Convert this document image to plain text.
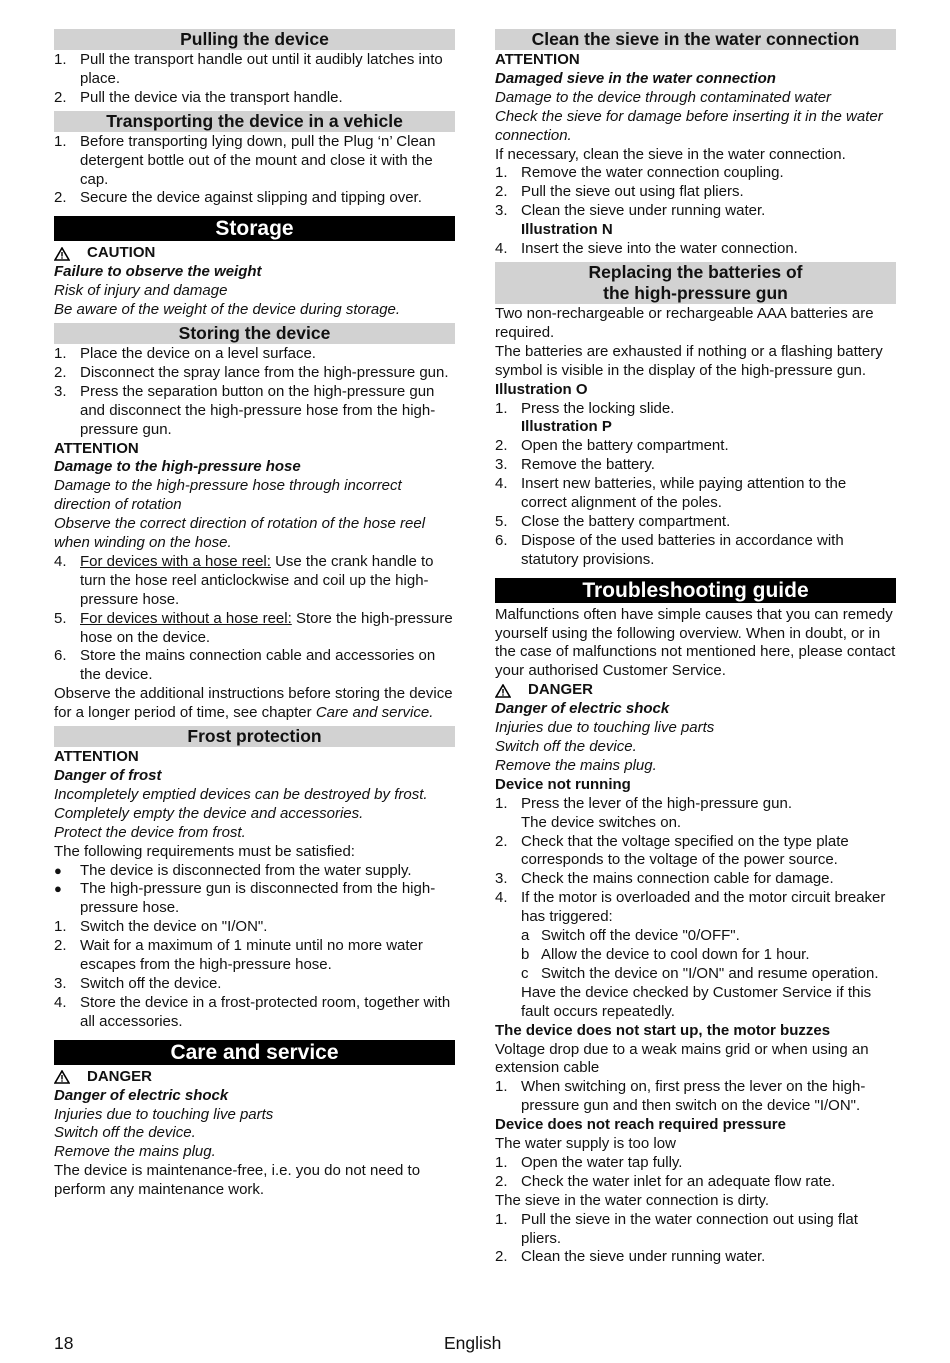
Pulling the device
1. Pull the transport handle out until it audibly latches into place.
2. Pull the device via the transport handle.
Transporting the device in a vehicle
1. Before transporting lying down, pull the Plug ‘n’ Clean detergent bottle out of the mount and close it with the cap.
2. Secure the device against slipping and tipping over.
Storage
CAUTION

Failure to observe the weight

Risk of injury and damage

Be aware of the weight of the device during storage.

Storing the device
1. Place the device on a level surface.
2. Disconnect the spray lance from the high-pressure gun.
3. Press the separation button on the high-pressure gun and disconnect the high-pressure hose from the high-pressure gun.

ATTENTION

Damage to the high-pressure hose

Damage to the high-pressure hose through incorrect direction of rotation

Observe the correct direction of rotation of the hose reel when winding on the hose.

4. For devices with a hose reel: Use the crank handle to turn the hose reel anticlockwise and coil up the high-pressure hose.
5. For devices without a hose reel: Store the high-pressure hose on the device.
6. Store the mains connection cable and accessories on the device.

Observe the additional instructions before storing the device for a longer period of time, see chapter Care and service.

Frost protection

ATTENTION

Danger of frost

Incompletely emptied devices can be destroyed by frost.

Completely empty the device and accessories.

Protect the device from frost.

The following requirements must be satisfied:

●	The device is disconnected from the water supply.
●	The high-pressure gun is disconnected from the high-pressure hose.
1. Switch the device on "I/ON".
2. Wait for a maximum of 1 minute until no more water escapes from the high-pressure hose.
3. Switch off the device.
4. Store the device in a frost-protected room, together with all accessories.
Care and service
DANGER

Danger of electric shock

Injuries due to touching live parts

Switch off the device.

Remove the mains plug.

The device is maintenance-free, i.e. you do not need to perform any maintenance work.

Clean the sieve in the water connection

ATTENTION

Damaged sieve in the water connection

Damage to the device through contaminated water

Check the sieve for damage before inserting it in the water connection.

If necessary, clean the sieve in the water connection.

1. Remove the water connection coupling.
2. Pull the sieve out using flat pliers.
3. Clean the sieve under running water.

Illustration N

4. Insert the sieve into the water connection.
Replacing the batteries of
the high-pressure gun

Two non-rechargeable or rechargeable AAA batteries are required.

The batteries are exhausted if nothing or a flashing battery symbol is visible in the display of the high-pressure gun.

Illustration O

1. Press the locking slide.

Illustration P

2. Open the battery compartment.
3. Remove the battery.
4. Insert new batteries, while paying attention to the correct alignment of the poles.
5. Close the battery compartment.
6. Dispose of the used batteries in accordance with statutory provisions.
Troubleshooting guide

Malfunctions often have simple causes that you can remedy yourself using the following overview. When in doubt, or in the case of malfunctions not mentioned here, please contact your authorised Customer Service.

DANGER

Danger of electric shock

Injuries due to touching live parts

Switch off the device.

Remove the mains plug.

Device not running

1. Press the lever of the high-pressure gun.

The device switches on.

2. Check that the voltage specified on the type plate corresponds to the voltage of the power source.
3. Check the mains connection cable for damage.
4. If the motor is overloaded and the motor circuit breaker has triggered:
a Switch off the device "0/OFF".
b Allow the device to cool down for 1 hour.
c Switch the device on "I/ON" and resume operation.

Have the device checked by Customer Service if this fault occurs repeatedly.

The device does not start up, the motor buzzes

Voltage drop due to a weak mains grid or when using an extension cable

1. When switching on, first press the lever on the high-pressure gun and then switch on the device "I/ON".

Device does not reach required pressure

The water supply is too low

1. Open the water tap fully.
2. Check the water inlet for an adequate flow rate.

The sieve in the water connection is dirty.

1. Pull the sieve in the water connection out using flat pliers.
2. Clean the sieve under running water.
18	English
